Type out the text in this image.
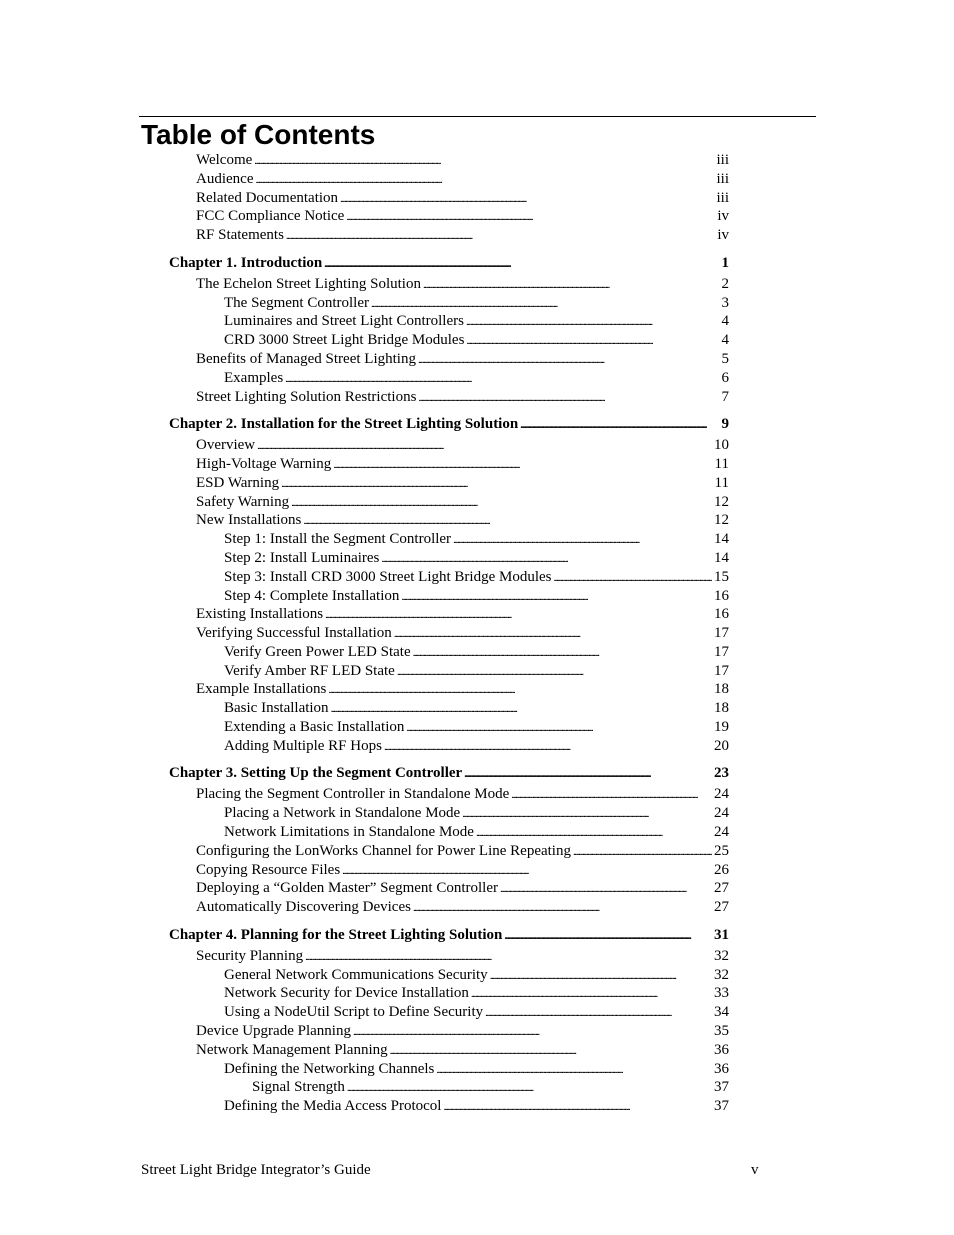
Table of Contents
Welcome . . .	iii
Audience . . .	iii
Related Documentation . . .	iii
FCC Compliance Notice . . .	iv
RF Statements . . .	iv
Chapter 1. Introduction . . .	1
The Echelon Street Lighting Solution . . .	2
The Segment Controller . . .	3
Luminaires and Street Light Controllers . . .	4
CRD 3000 Street Light Bridge Modules . . .	4
Benefits of Managed Street Lighting . . .	5
Examples . . .	6
Street Lighting Solution Restrictions . . .	7
Chapter 2. Installation for the Street Lighting Solution . . .	9
Overview . . .	10
High-Voltage Warning . . .	11
ESD Warning . . .	11
Safety Warning . . .	12
New Installations . . .	12
Step 1: Install the Segment Controller . . .	14
Step 2: Install Luminaires . . .	14
Step 3: Install CRD 3000 Street Light Bridge Modules . . .	15
Step 4: Complete Installation . . .	16
Existing Installations . . .	16
Verifying Successful Installation . . .	17
Verify Green Power LED State . . .	17
Verify Amber RF LED State . . .	17
Example Installations . . .	18
Basic Installation . . .	18
Extending a Basic Installation . . .	19
Adding Multiple RF Hops . . .	20
Chapter 3. Setting Up the Segment Controller . . .	23
Placing the Segment Controller in Standalone Mode . . .	24
Placing a Network in Standalone Mode . . .	24
Network Limitations in Standalone Mode . . .	24
Configuring the LonWorks Channel for Power Line Repeating . . .	25
Copying Resource Files . . .	26
Deploying a “Golden Master” Segment Controller . . .	27
Automatically Discovering Devices . . .	27
Chapter 4. Planning for the Street Lighting Solution . . .	31
Security Planning . . .	32
General Network Communications Security . . .	32
Network Security for Device Installation . . .	33
Using a NodeUtil Script to Define Security . . .	34
Device Upgrade Planning . . .	35
Network Management Planning . . .	36
Defining the Networking Channels . . .	36
Signal Strength . . .	37
Defining the Media Access Protocol . . .	37
Street Light Bridge Integrator’s Guide	v
